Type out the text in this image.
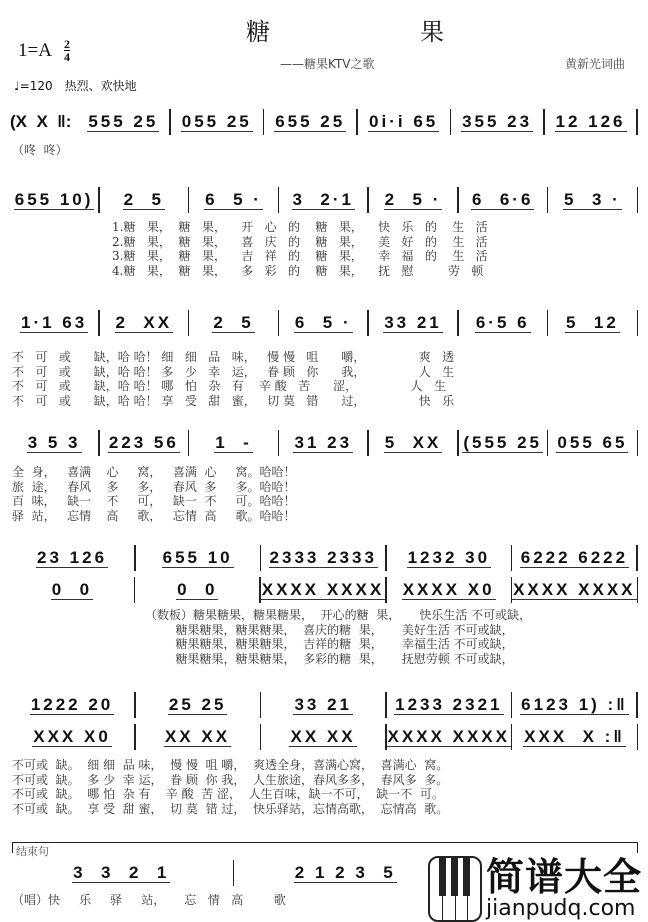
糖	果
1=A 2
4	——糖果KTV之歌	黄新光词曲
♩=120　热烈、欢快地
(X  X  ‖: 555 25 055 25 655 25 0i·i 65 355 23 12 126
（咚  咚）
655 10) 2  5 6  5 · 3  2·1 2  5 · 6  6·6 5  3 ·
1.糖   果，  糖   果，    开   心   的    糖   果，    快   乐   的    生   活
2.糖   果，  糖   果，    喜   庆   的    糖   果，    美   好   的    生   活
3.糖   果，  糖   果，    吉   祥   的    糖   果，    幸   福   的    生   活
4.糖   果，  糖   果，    多   彩   的    糖   果，    抚   慰         劳   顿
1·1 63 2  XX 2  5 6  5 · 33 21 6·5 6 5  12
不   可   或      缺，哈 哈！ 细   细   品   味，   慢 慢   咀      嚼，              爽   透
不   可   或      缺，哈 哈！ 多   少   幸   运，   眷 顾   你      我，              人   生
不   可   或      缺，哈 哈！ 哪   怕   杂   有    辛 酸   苦      涩，              人   生
不   可   或      缺，哈 哈！ 享   受   甜   蜜，   切 莫   错      过，              快   乐
3 5 3 223 56 1  -	31 23 5  XX (555 25 055 65
全  身，   喜满    心     窝，   喜满  心     窝。哈哈！
旅  途，   春风    多     多，   春风  多     多。哈哈！
百  味，   缺一    不     可，   缺一  不     可。哈哈！
驿  站，   忘情    高     歌，   忘情  高     歌。哈哈！
23 126	655 10 2333 2333 1232 30 6222 6222
0  0	0  0	XXXX XXXX XXXX X0 XXXX XXXX
（数板）糖果糖果，糖果糖果，  开心的糖  果，     快乐生活 不可或缺，
糖果糖果，糖果糖果，  喜庆的糖  果，     美好生活 不可或缺，
糖果糖果，糖果糖果，  吉祥的糖  果，     幸福生活 不可或缺，
糖果糖果，糖果糖果，  多彩的糖  果，     抚慰劳顿 不可或缺，
1222 20	25 25	33 21	1233 2321 6123 1) :‖
XXX X0	XX XX	XX XX XXXX XXXX XXX  X :‖
不可或  缺。  细 细  品 味，  慢 慢  咀 嚼，  爽透全身，喜满心窝，  喜满心  窝。
不可或  缺。  多 少  幸 运，  眷 顾  你 我，  人生旅途，春风多多，  春风多  多。
不可或  缺。  哪 怕  杂 有    辛 酸  苦 涩，  人生百味，缺一不可，  缺一不  可。
不可或  缺。  享 受  甜 蜜，  切 莫  错 过，  快乐驿站，忘情高歌，  忘情高  歌。
3  3  2  1	2 1 2 3  5
（唱）快     乐     驿     站，     忘   情   高        歌
结束句
简谱大全
jianpudq.com
